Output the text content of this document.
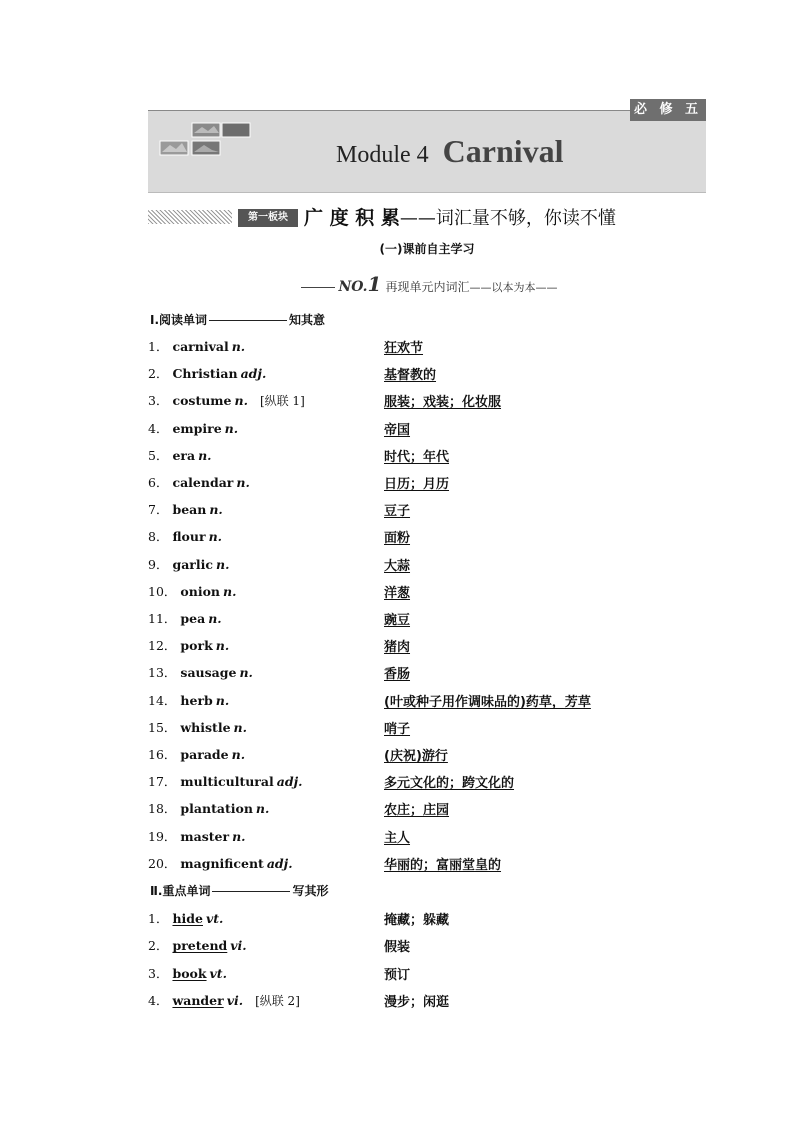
必 修 五
Module 4 Carnival
第一板块 广 度 积 累——词汇量不够，你读不懂
(一)课前自主学习
NO.1 再现单元内词汇——以本为本——
Ⅰ.阅读单词	知其意
1． carnival n.	狂欢节
2． Christian adj.	基督教的
3． costume n. [纵联 1]	服装；戏装；化妆服
4． empire n.	帝国
5． era n.	时代；年代
6． calendar n.	日历；月历
7． bean n.	豆子
8． flour n.	面粉
9． garlic n.	大蒜
10． onion n.	洋葱
11． pea n.	豌豆
12． pork n.	猪肉
13． sausage n.	香肠
14． herb n.	(叶或种子用作调味品的)药草，芳草
15． whistle n.	哨子
16． parade n.	(庆祝)游行
17． multicultural adj.	多元文化的；跨文化的
18． plantation n.	农庄；庄园
19． master n.	主人
20． magnificent adj.	华丽的；富丽堂皇的
Ⅱ.重点单词	写其形
1． hide vt.	掩藏；躲藏
2． pretend vi.	假装
3． book vt.	预订
4． wander vi. [纵联 2]	漫步；闲逛
